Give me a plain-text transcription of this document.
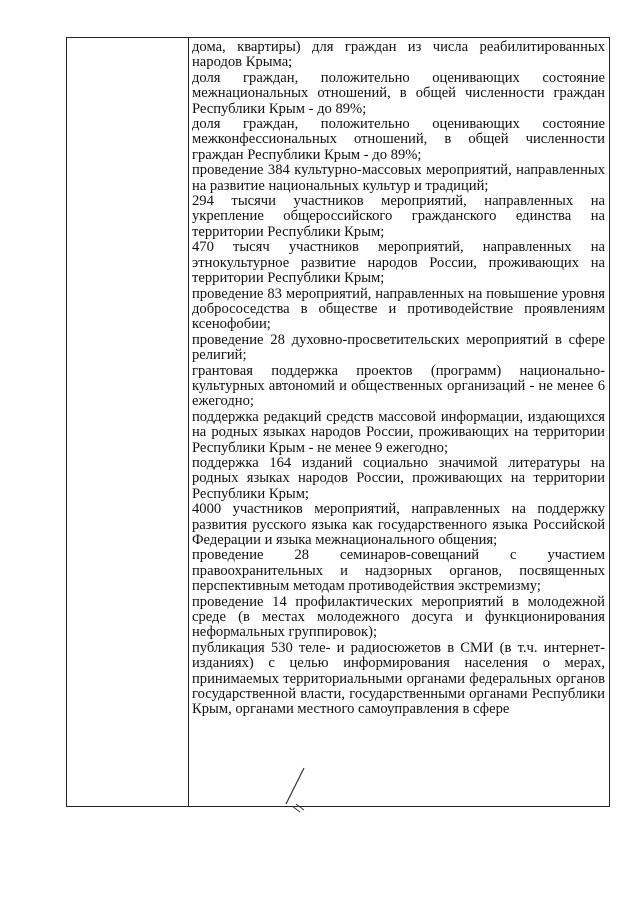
дома, квартиры) для граждан из числа реабилитированных народов Крыма;

доля граждан, положительно оценивающих состояние межнациональных отношений, в общей численности граждан Республики Крым - до 89%;

доля граждан, положительно оценивающих состояние межконфессиональных отношений, в общей численности граждан Республики Крым - до 89%;

проведение 384 культурно-массовых мероприятий, направленных на развитие национальных культур и традиций;

294 тысячи участников мероприятий, направленных на укрепление общероссийского гражданского единства на территории Республики Крым;

470 тысяч участников мероприятий, направленных на этнокультурное развитие народов России, проживающих на территории Республики Крым;

проведение 83 мероприятий, направленных на повышение уровня добрососедства в обществе и противодействие проявлениям ксенофобии;

проведение 28 духовно-просветительских мероприятий в сфере религий;

грантовая поддержка проектов (программ) национально-культурных автономий и общественных организаций - не менее 6 ежегодно;

поддержка редакций средств массовой информации, издающихся на родных языках народов России, проживающих на территории Республики Крым - не менее 9 ежегодно;

поддержка 164 изданий социально значимой литературы на родных языках народов России, проживающих на территории Республики Крым;

4000 участников мероприятий, направленных на поддержку развития русского языка как государственного языка Российской Федерации и языка межнационального общения;

проведение 28 семинаров-совещаний с участием правоохранительных и надзорных органов, посвященных перспективным методам противодействия экстремизму;

проведение 14 профилактических мероприятий в молодежной среде (в местах молодежного досуга и функционирования неформальных группировок);

публикация 530 теле- и радиосюжетов в СМИ (в т.ч. интернет-изданиях) с целью информирования населения о мерах, принимаемых территориальными органами федеральных органов государственной власти, государственными органами Республики Крым, органами местного самоуправления в сфере
